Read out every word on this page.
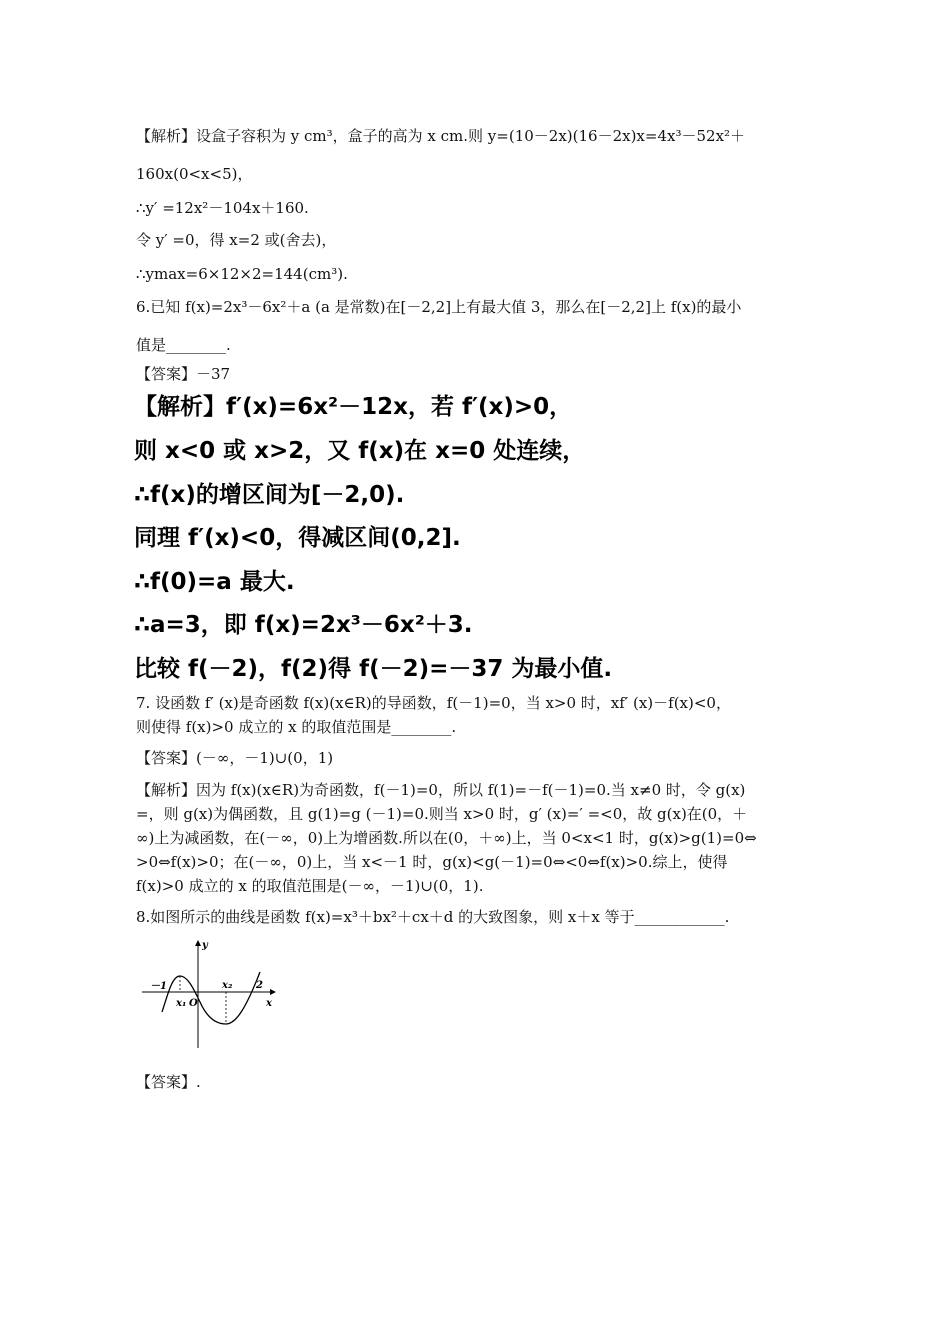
【解析】设盒子容积为 y cm³，盒子的高为 x cm.则 y=(10－2x)(16－2x)x=4x³－52x²＋
160x(0<x<5)，
∴y′ =12x²－104x＋160.
令 y′ =0，得 x=2 或(舍去)，
∴ymax=6×12×2=144(cm³).
6.已知 f(x)=2x³－6x²＋a (a 是常数)在[－2,2]上有最大值 3，那么在[－2,2]上 f(x)的最小
值是________.
【答案】－37
【解析】f′(x)=6x²－12x，若 f′(x)>0，
则 x<0 或 x>2，又 f(x)在 x=0 处连续，
∴f(x)的增区间为[－2,0).
同理 f′(x)<0，得减区间(0,2].
∴f(0)=a 最大.
∴a=3，即 f(x)=2x³－6x²＋3.
比较 f(－2)，f(2)得 f(－2)=－37 为最小值.
7. 设函数 f′ (x)是奇函数 f(x)(x∈R)的导函数，f(－1)=0，当 x>0 时，xf′ (x)－f(x)<0，
则使得 f(x)>0 成立的 x 的取值范围是________.
【答案】(－∞，－1)∪(0，1)
【解析】因为 f(x)(x∈R)为奇函数，f(－1)=0，所以 f(1)=－f(－1)=0.当 x≠0 时，令 g(x)
=，则 g(x)为偶函数，且 g(1)=g (－1)=0.则当 x>0 时，g′ (x)=′ =<0，故 g(x)在(0，＋
∞)上为减函数，在(－∞，0)上为增函数.所以在(0，＋∞)上，当 0<x<1 时，g(x)>g(1)=0⇔
>0⇔f(x)>0；在(－∞，0)上，当 x<－1 时，g(x)<g(－1)=0⇔<0⇔f(x)>0.综上，使得
f(x)>0 成立的 x 的取值范围是(－∞，－1)∪(0，1).
8.如图所示的曲线是函数 f(x)=x³＋bx²＋cx＋d 的大致图象，则 x＋x 等于____________.
y
x
－1
x₁ O
x₂ 2
【答案】.
